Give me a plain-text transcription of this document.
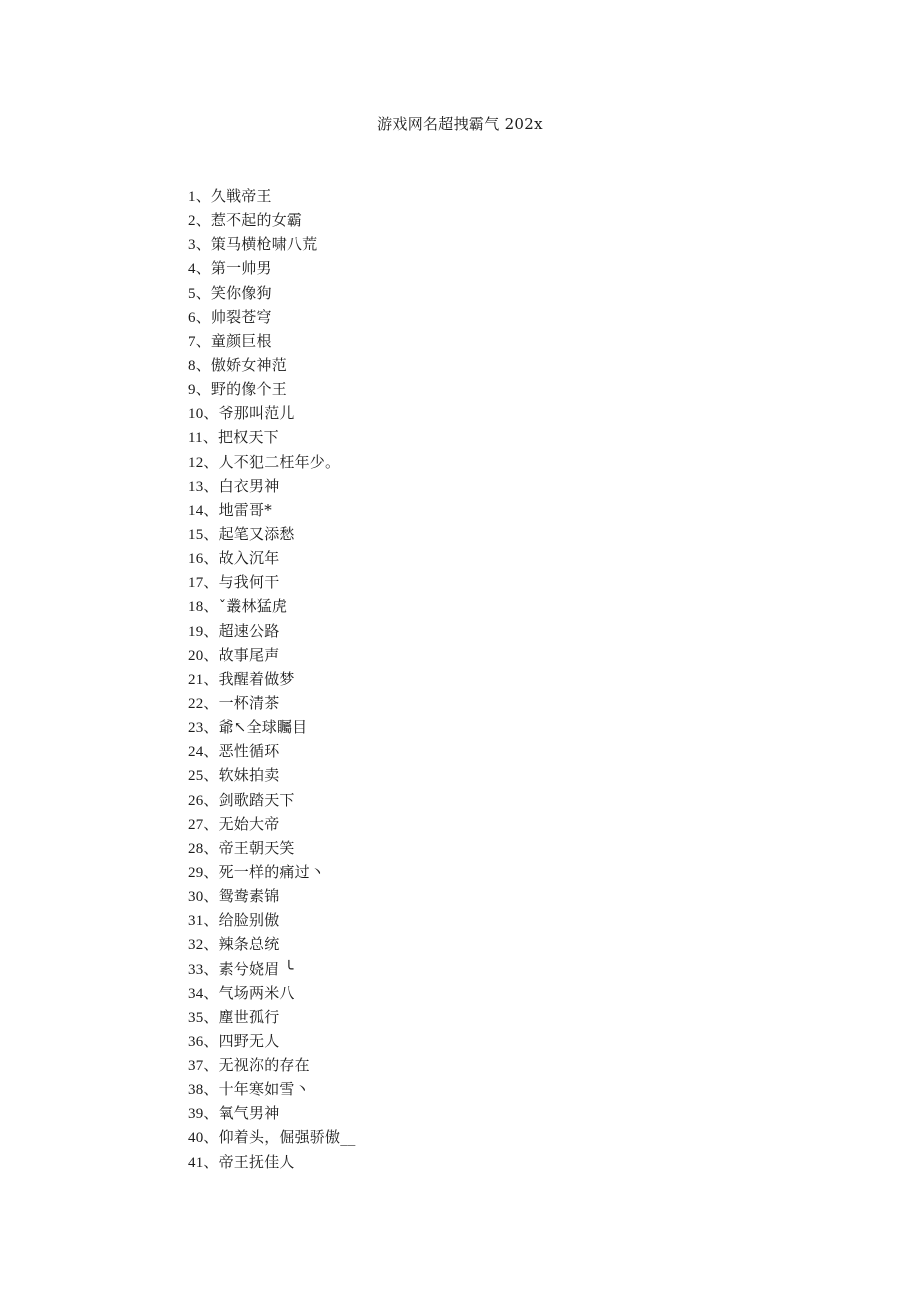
游戏网名超拽霸气 202x
1、久戦帝王
2、惹不起的女霸
3、策马横枪啸八荒
4、第一帅男
5、笑你像狗
6、帅裂苍穹
7、童颜巨根
8、傲娇女神范
9、野的像个王
10、爷那叫范儿
11、把权天下
12、人不犯二枉年少。
13、白衣男神
14、地雷哥*
15、起笔又添愁
16、故入沉年
17、与我何干
18、ˇ叢林猛虎
19、超速公路
20、故事尾声
21、我醒着做梦
22、一杯清茶
23、爺↖全球矚目
24、恶性循环
25、软妹拍卖
26、剑歌踏天下
27、无始大帝
28、帝王朝天笑
29、死一样的痛过丶
30、鸳鸯素锦
31、给脸别傲
32、辣条总统
33、素兮娆眉 ╰
34、气场两米八
35、塵世孤行
36、四野无人
37、无视沵的存在
38、十年寒如雪丶
39、氧气男神
40、仰着头，倔强骄傲__
41、帝王抚佳人
